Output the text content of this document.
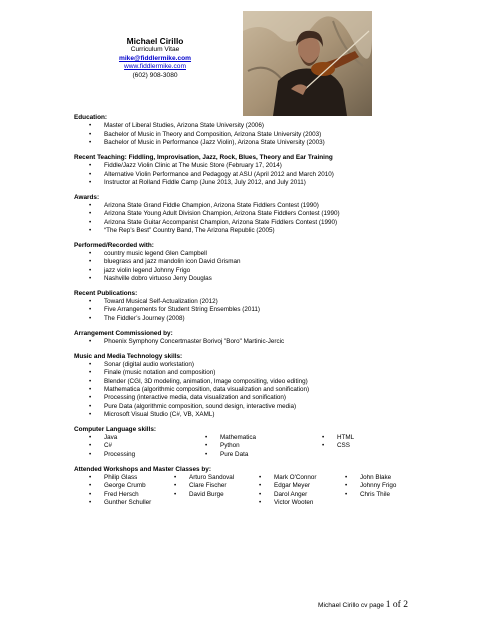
Michael Cirillo
Curriculum Vitae
mike@fiddlermike.com
www.fiddlermike.com
(602) 908-3080
Education:
• Master of Liberal Studies, Arizona State University (2006)
• Bachelor of Music in Theory and Composition, Arizona State University (2003)
• Bachelor of Music in Performance (Jazz Violin), Arizona State University (2003)
Recent Teaching: Fiddling, Improvisation, Jazz, Rock, Blues, Theory and Ear Training
• Fiddle/Jazz Violin Clinic at The Music Store (February 17, 2014)
• Alternative Violin Performance and Pedagogy at ASU (April 2012 and March 2010)
• Instructor at Rolland Fiddle Camp (June 2013, July 2012, and July 2011)
Awards:
• Arizona State Grand Fiddle Champion, Arizona State Fiddlers Contest (1990)
• Arizona State Young Adult Division Champion, Arizona State Fiddlers Contest (1990)
• Arizona State Guitar Accompanist Champion, Arizona State Fiddlers Contest (1990)
• “The Rep’s Best” Country Band, The Arizona Republic (2005)
Performed/Recorded with:
• country music legend Glen Campbell
• bluegrass and jazz mandolin icon David Grisman
• jazz violin legend Johnny Frigo
• Nashville dobro virtuoso Jerry Douglas
Recent Publications:
• Toward Musical Self-Actualization (2012)
• Five Arrangements for Student String Ensembles (2011)
• The Fiddler’s Journey (2008)
Arrangement Commissioned by:
• Phoenix Symphony Concertmaster Borivoj "Boro" Martinic-Jercic
Music and Media Technology skills:
• Sonar (digital audio workstation)
• Finale (music notation and composition)
• Blender (CGI, 3D modeling, animation, Image compositing, video editing)
• Mathematica (algorithmic composition, data visualization and sonification)
• Processing (interactive media, data visualization and sonification)
• Pure Data (algorithmic composition, sound design, interactive media)
• Microsoft Visual Studio (C#, VB, XAML)
Computer Language skills:
• Java
• C#
• Processing
• Mathematica
• Python
• Pure Data
• HTML
• CSS
Attended Workshops and Master Classes by:
• Philip Glass
• George Crumb
• Fred Hersch
• Gunther Schuller
• Arturo Sandoval
• Clare Fischer
• David Burge
• Mark O'Connor
• Edgar Meyer
• Darol Anger
• Victor Wooten
• John Blake
• Johnny Frigo
• Chris Thile
Michael Cirillo cv page 1 of 2
